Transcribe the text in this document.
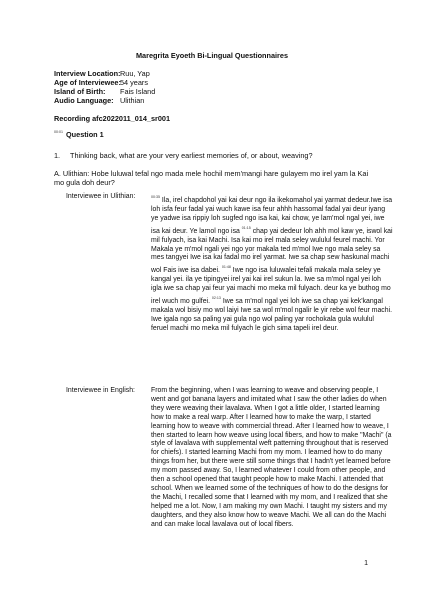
Maregrita Eyoeth Bi-Lingual Questionnaires
Interview Location: Ruu, Yap
Age of Interviewee: 54 years
Island of Birth:	Fais Island
Audio Language: Ulithian
Recording afc2022011_014_sr001
$^{00:01}$ Question 1
1. Thinking back, what are your very earliest memories of, or about, weaving?
A. Ulithian: Hobe luluwal tefal ngo mada mele hochil mem'mangi hare gulayem mo irel yam la Kai mo gula doh deur?
Interviewee in Ulithian:	$^{00:35}$ Ila, irel chapdohol yai kai deur ngo ila ikekomahol yai yarmat dedeur.Iwe isa loh isfa feur fadal yai wuch kawe isa feur ahhh hassomal fadal yai deur iyang ye yadwe isa rippiy loh sugfed ngo isa kai, kai chow, ye lam'mol ngal yei, iwe isa kai deur. Ye lamol ngo isa $^{01:15}$ chap yai dedeur loh ahh mol kaw ye, iswol kai mil fulyach, isa kai Machi. Isa kai mo irel mala seley wululul feurel machi. Yor Makala ye m'mol ngali yei ngo yor makala ted m'mol Iwe ngo mala seley sa mes tangyei Iwe isa kai fadal mo irel yarmat. Iwe sa chap sew haskunal machi wol Fais iwe isa dabei. $^{01:48}$ Iwe ngo isa luluwalei tefali makala mala seley ye kangal yei. ila ye tipingyei irel yai kai irel sukun la. Iwe sa m'mol ngal yei loh igla iwe sa chap yai feur yai machi mo meka mil fulyach. deur ka ye buthog mo irel wuch mo gulfei. $^{02:13}$ Iwe sa m'mol ngal yei loh iwe sa chap yai kek'kangal makala wol bisiy mo wol laiyi Iwe sa wol m'mol ngalir le yir rebe wol feur machi. Iwe igala ngo sa paling yai gula ngo wol paling yar rochokala gula wululul feruel machi mo meka mil fulyach le gich sima tapeli irel deur.
Interviewee in English:	From the beginning, when I was learning to weave and observing people, I went and got banana layers and imitated what I saw the other ladies do when they were weaving their lavalava. When I got a little older, I started learning how to make a real warp. After I learned how to make the warp, I started learning how to weave with commercial thread. After I learned how to weave, I then started to learn how weave using local fibers, and how to make "Machi" (a style of lavalava with supplemental weft patterning throughout that is reserved for chiefs). I started learning Machi from my mom. I learned how to do many things from her, but there were still some things that I hadn't yet learned before my mom passed away. So, I learned whatever I could from other people, and then a school opened that taught people how to make Machi. I attended that school. When we learned some of the techniques of how to do the designs for the Machi, I recalled some that I learned with my mom, and I realized that she helped me a lot. Now, I am making my own Machi. I taught my sisters and my daughters, and they also know how to weave Machi. We all can do the Machi and can make local lavalava out of local fibers.
1
